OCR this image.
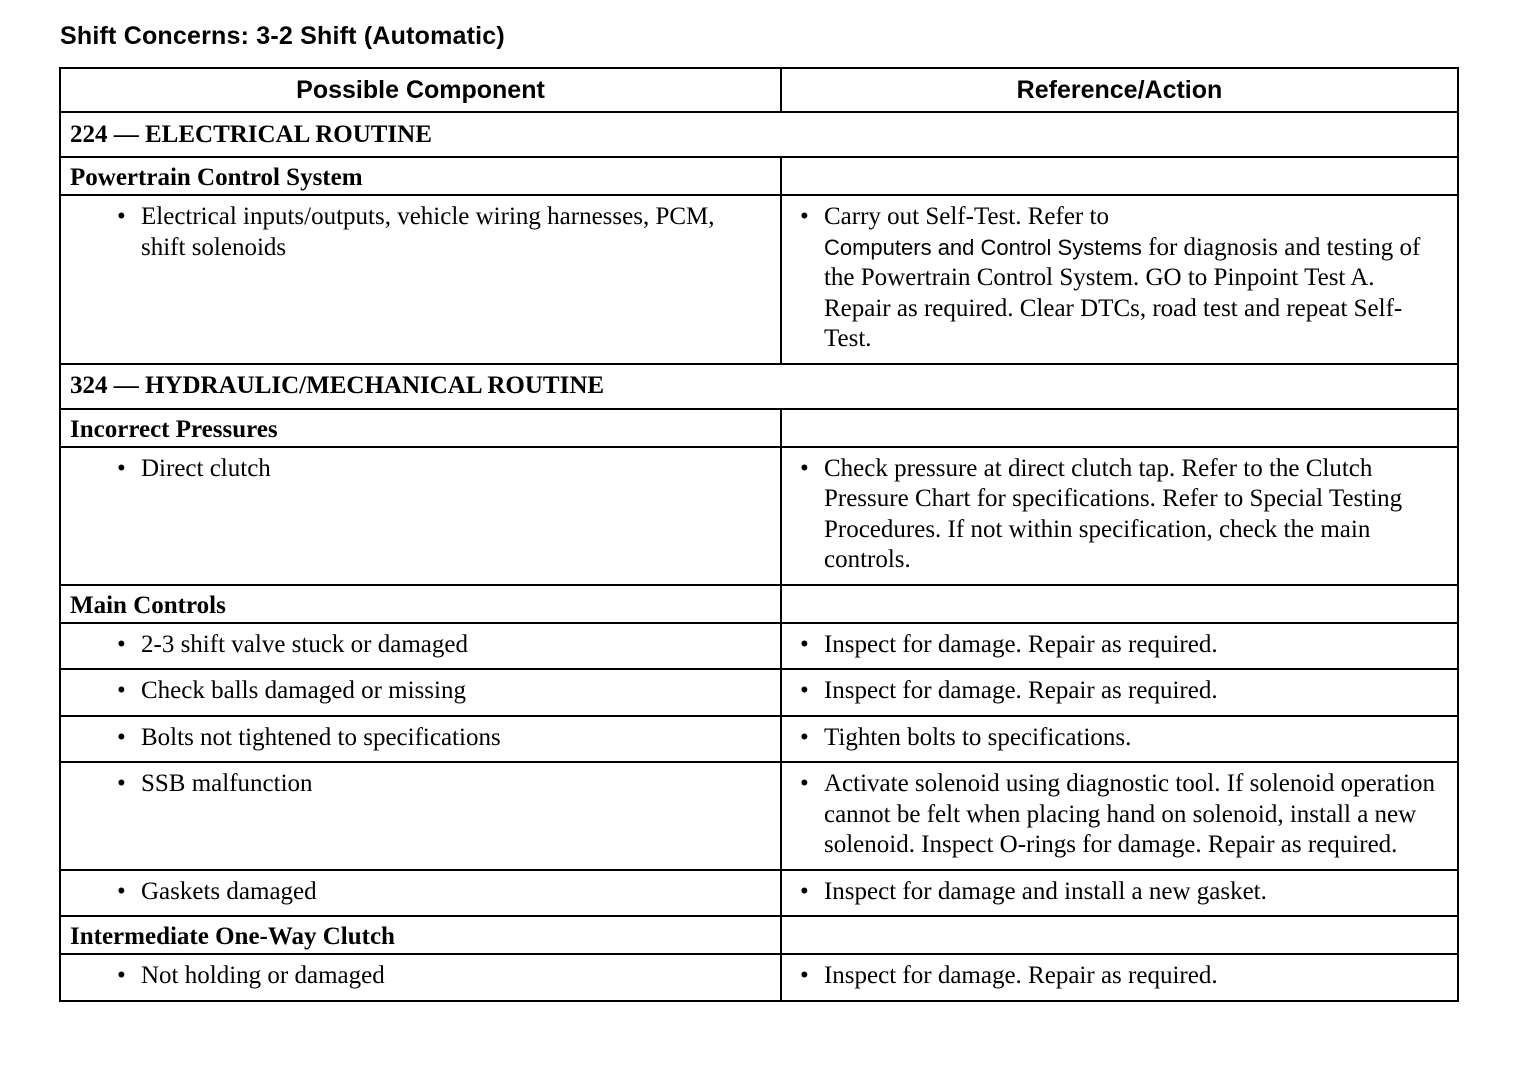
Shift Concerns: 3-2 Shift (Automatic)
Possible Component	Reference/Action
224 — ELECTRICAL ROUTINE	
Powertrain Control System	

• Electrical inputs/outputs, vehicle wiring harnesses, PCM, shift solenoids	• Carry out Self-Test. Refer to
Computers and Control Systems for diagnosis and testing of the Powertrain Control System. GO to Pinpoint Test A. Repair as required. Clear DTCs, road test and repeat Self-Test.

324 — HYDRAULIC/MECHANICAL ROUTINE	
Incorrect Pressures	

• Direct clutch	• Check pressure at direct clutch tap. Refer to the Clutch Pressure Chart for specifications. Refer to Special Testing Procedures. If not within specification, check the main controls.

Main Controls	

• 2-3 shift valve stuck or damaged	• Inspect for damage. Repair as required.

• Check balls damaged or missing	• Inspect for damage. Repair as required.

• Bolts not tightened to specifications	• Tighten bolts to specifications.

• SSB malfunction	• Activate solenoid using diagnostic tool. If solenoid operation cannot be felt when placing hand on solenoid, install a new solenoid. Inspect O-rings for damage. Repair as required.

• Gaskets damaged	• Inspect for damage and install a new gasket.

Intermediate One-Way Clutch	

• Not holding or damaged	• Inspect for damage. Repair as required.
